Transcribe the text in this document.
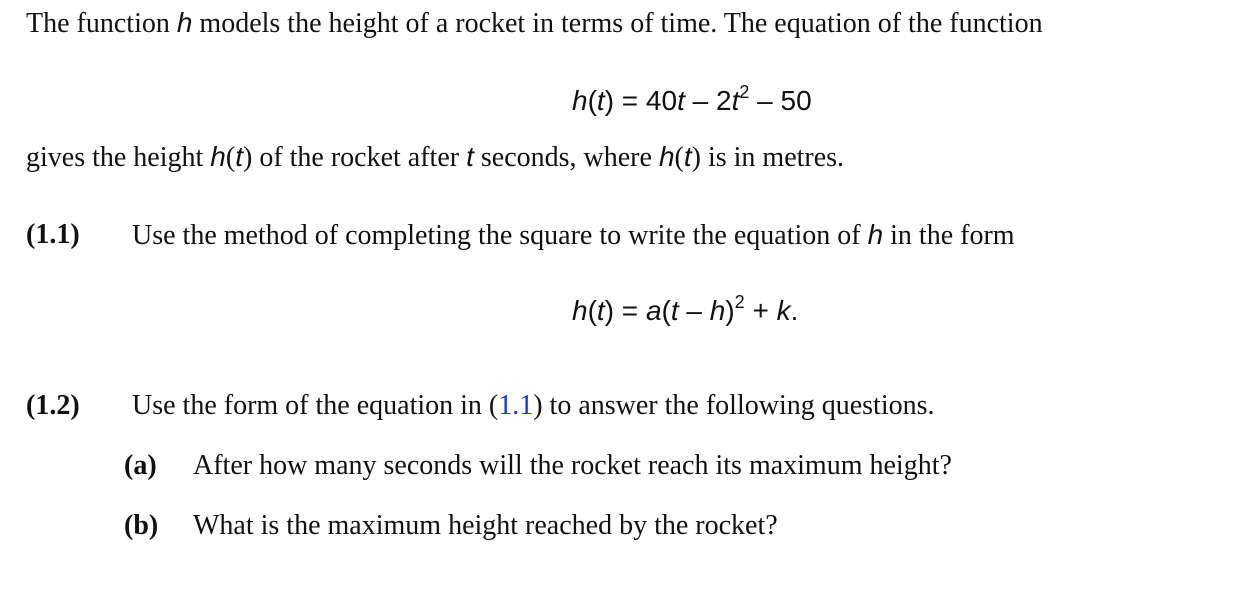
The function h models the height of a rocket in terms of time. The equation of the function
$h(t) = 40t - 2t^2 - 50$
gives the height h(t) of the rocket after t seconds, where h(t) is in metres.
(1.1) Use the method of completing the square to write the equation of h in the form
h(t) = a(t – h)$^2$ + k.
(1.2) Use the form of the equation in (1.1) to answer the following questions.
(a) After how many seconds will the rocket reach its maximum height?
(b) What is the maximum height reached by the rocket?
